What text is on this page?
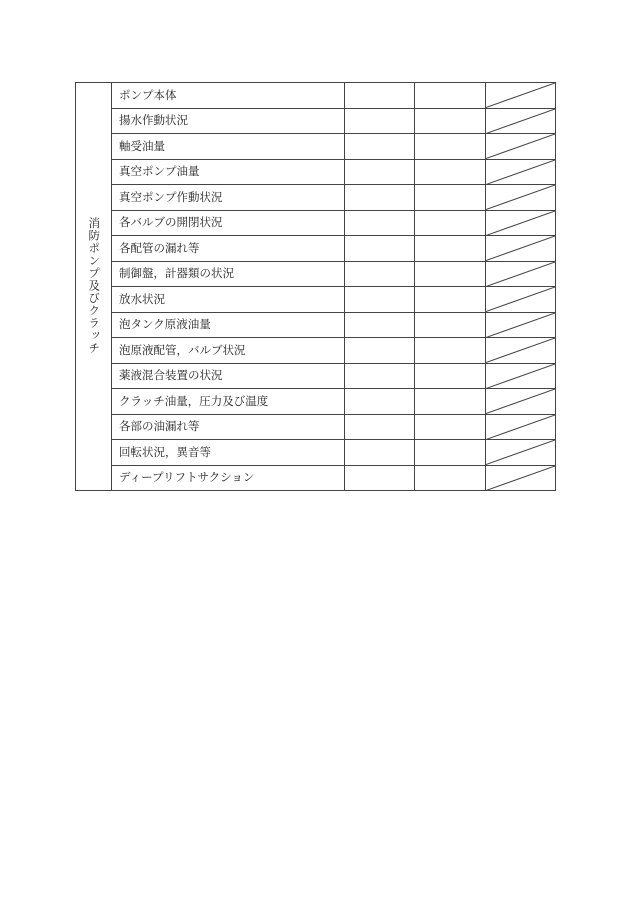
消防ポンプ及びクラッチ	ポンプ本体			

	揚水作動状況			

	軸受油量			

	真空ポンプ油量			

	真空ポンプ作動状況			

	各バルブの開閉状況			

	各配管の漏れ等			

	制御盤，計器類の状況			

	放水状況			

	泡タンク原液油量			

	泡原液配管，バルブ状況			

	薬液混合装置の状況			

	クラッチ油量，圧力及び温度			

	各部の油漏れ等			

	回転状況，異音等			

	ディープリフトサクション			
